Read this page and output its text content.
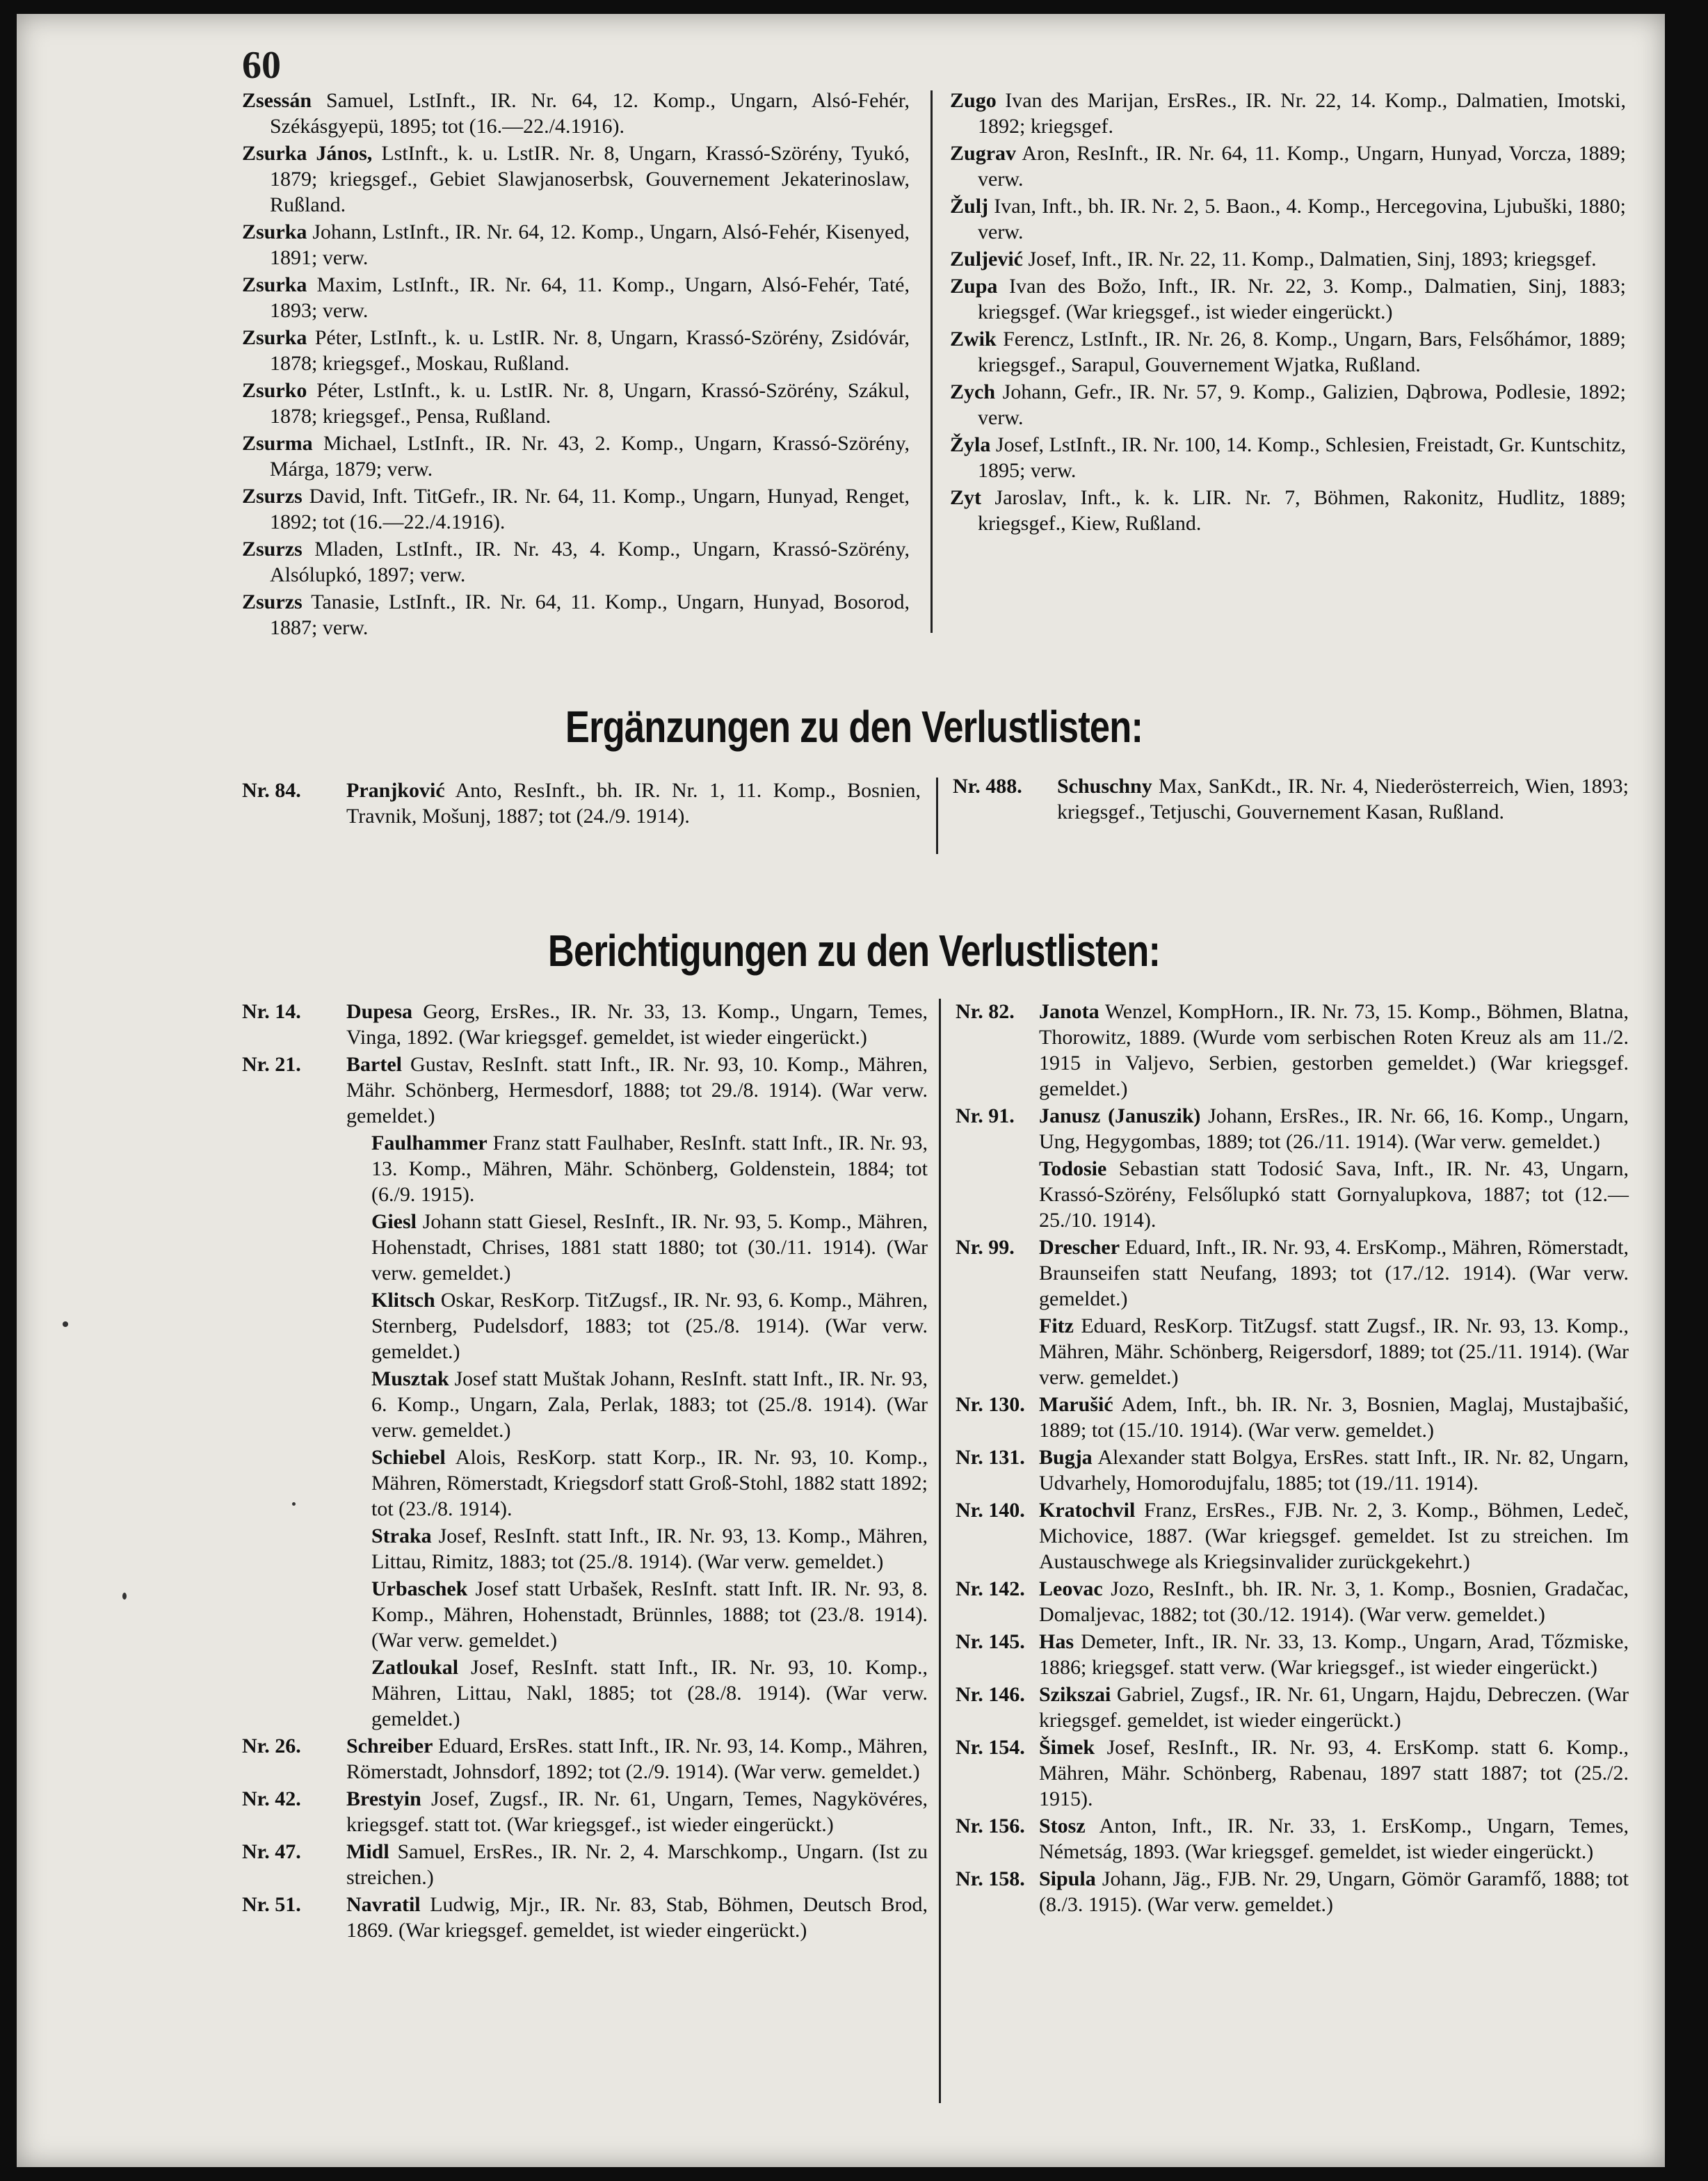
60

Zsessán Samuel, LstInft., IR. Nr. 64, 12. Komp., Ungarn, Alsó-Fehér, Székásgyepü, 1895; tot (16.—22./4.1916).

Zsurka János, LstInft., k. u. LstIR. Nr. 8, Ungarn, Krassó-Szörény, Tyukó, 1879; kriegsgef., Gebiet Slawjanoserbsk, Gouvernement Jekaterinoslaw, Rußland.

Zsurka Johann, LstInft., IR. Nr. 64, 12. Komp., Ungarn, Alsó-Fehér, Kisenyed, 1891; verw.

Zsurka Maxim, LstInft., IR. Nr. 64, 11. Komp., Ungarn, Alsó-Fehér, Taté, 1893; verw.

Zsurka Péter, LstInft., k. u. LstIR. Nr. 8, Ungarn, Krassó-Szörény, Zsidóvár, 1878; kriegsgef., Moskau, Rußland.

Zsurko Péter, LstInft., k. u. LstIR. Nr. 8, Ungarn, Krassó-Szörény, Szákul, 1878; kriegsgef., Pensa, Rußland.

Zsurma Michael, LstInft., IR. Nr. 43, 2. Komp., Ungarn, Krassó-Szörény, Márga, 1879; verw.

Zsurzs David, Inft. TitGefr., IR. Nr. 64, 11. Komp., Ungarn, Hunyad, Renget, 1892; tot (16.—22./4.1916).

Zsurzs Mladen, LstInft., IR. Nr. 43, 4. Komp., Ungarn, Krassó-Szörény, Alsólupkó, 1897; verw.

Zsurzs Tanasie, LstInft., IR. Nr. 64, 11. Komp., Ungarn, Hunyad, Bosorod, 1887; verw.

Zugo Ivan des Marijan, ErsRes., IR. Nr. 22, 14. Komp., Dalmatien, Imotski, 1892; kriegsgef.

Zugrav Aron, ResInft., IR. Nr. 64, 11. Komp., Ungarn, Hunyad, Vorcza, 1889; verw.

Žulj Ivan, Inft., bh. IR. Nr. 2, 5. Baon., 4. Komp., Hercegovina, Ljubuški, 1880; verw.

Zuljević Josef, Inft., IR. Nr. 22, 11. Komp., Dalmatien, Sinj, 1893; kriegsgef.

Zupa Ivan des Božo, Inft., IR. Nr. 22, 3. Komp., Dalmatien, Sinj, 1883; kriegsgef. (War kriegsgef., ist wieder eingerückt.)

Zwik Ferencz, LstInft., IR. Nr. 26, 8. Komp., Ungarn, Bars, Felsőhámor, 1889; kriegsgef., Sarapul, Gouvernement Wjatka, Rußland.

Zych Johann, Gefr., IR. Nr. 57, 9. Komp., Galizien, Dąbrowa, Podlesie, 1892; verw.

Žyla Josef, LstInft., IR. Nr. 100, 14. Komp., Schlesien, Freistadt, Gr. Kuntschitz, 1895; verw.

Zyt Jaroslav, Inft., k. k. LIR. Nr. 7, Böhmen, Rakonitz, Hudlitz, 1889; kriegsgef., Kiew, Rußland.

Ergänzungen zu den Verlustlisten:
Nr. 84.	Pranjković Anto, ResInft., bh. IR. Nr. 1, 11. Komp., Bosnien, Travnik, Mošunj, 1887; tot (24./9. 1914).
Nr. 488.	Schuschny Max, SanKdt., IR. Nr. 4, Niederösterreich, Wien, 1893; kriegsgef., Tetjuschi, Gouvernement Kasan, Rußland.
Berichtigungen zu den Verlustlisten:
Nr. 14.	Dupesa Georg, ErsRes., IR. Nr. 33, 13. Komp., Ungarn, Temes, Vinga, 1892. (War kriegsgef. gemeldet, ist wieder eingerückt.)
Nr. 21.	Bartel Gustav, ResInft. statt Inft., IR. Nr. 93, 10. Komp., Mähren, Mähr. Schönberg, Hermesdorf, 1888; tot 29./8. 1914). (War verw. gemeldet.)
Faulhammer Franz statt Faulhaber, ResInft. statt Inft., IR. Nr. 93, 13. Komp., Mähren, Mähr. Schönberg, Goldenstein, 1884; tot (6./9. 1915).
Giesl Johann statt Giesel, ResInft., IR. Nr. 93, 5. Komp., Mähren, Hohenstadt, Chrises, 1881 statt 1880; tot (30./11. 1914). (War verw. gemeldet.)
Klitsch Oskar, ResKorp. TitZugsf., IR. Nr. 93, 6. Komp., Mähren, Sternberg, Pudelsdorf, 1883; tot (25./8. 1914). (War verw. gemeldet.)
Musztak Josef statt Muštak Johann, ResInft. statt Inft., IR. Nr. 93, 6. Komp., Ungarn, Zala, Perlak, 1883; tot (25./8. 1914). (War verw. gemeldet.)
Schiebel Alois, ResKorp. statt Korp., IR. Nr. 93, 10. Komp., Mähren, Römerstadt, Kriegsdorf statt Groß-Stohl, 1882 statt 1892; tot (23./8. 1914).
Straka Josef, ResInft. statt Inft., IR. Nr. 93, 13. Komp., Mähren, Littau, Rimitz, 1883; tot (25./8. 1914). (War verw. gemeldet.)
Urbaschek Josef statt Urbašek, ResInft. statt Inft. IR. Nr. 93, 8. Komp., Mähren, Hohenstadt, Brünnles, 1888; tot (23./8. 1914). (War verw. gemeldet.)
Zatloukal Josef, ResInft. statt Inft., IR. Nr. 93, 10. Komp., Mähren, Littau, Nakl, 1885; tot (28./8. 1914). (War verw. gemeldet.)
Nr. 26.	Schreiber Eduard, ErsRes. statt Inft., IR. Nr. 93, 14. Komp., Mähren, Römerstadt, Johnsdorf, 1892; tot (2./9. 1914). (War verw. gemeldet.)
Nr. 42.	Brestyin Josef, Zugsf., IR. Nr. 61, Ungarn, Temes, Nagykövéres, kriegsgef. statt tot. (War kriegsgef., ist wieder eingerückt.)
Nr. 47.	Midl Samuel, ErsRes., IR. Nr. 2, 4. Marschkomp., Ungarn. (Ist zu streichen.)
Nr. 51.	Navratil Ludwig, Mjr., IR. Nr. 83, Stab, Böhmen, Deutsch Brod, 1869. (War kriegsgef. gemeldet, ist wieder eingerückt.)
Nr. 82.	Janota Wenzel, KompHorn., IR. Nr. 73, 15. Komp., Böhmen, Blatna, Thorowitz, 1889. (Wurde vom serbischen Roten Kreuz als am 11./2. 1915 in Valjevo, Serbien, gestorben gemeldet.) (War kriegsgef. gemeldet.)
Nr. 91.	Janusz (Januszik) Johann, ErsRes., IR. Nr. 66, 16. Komp., Ungarn, Ung, Hegygombas, 1889; tot (26./11. 1914). (War verw. gemeldet.)
Todosie Sebastian statt Todosić Sava, Inft., IR. Nr. 43, Ungarn, Krassó-Szörény, Felsőlupkó statt Gornyalupkova, 1887; tot (12.—25./10. 1914).
Nr. 99.	Drescher Eduard, Inft., IR. Nr. 93, 4. ErsKomp., Mähren, Römerstadt, Braunseifen statt Neufang, 1893; tot (17./12. 1914). (War verw. gemeldet.)
Fitz Eduard, ResKorp. TitZugsf. statt Zugsf., IR. Nr. 93, 13. Komp., Mähren, Mähr. Schönberg, Reigersdorf, 1889; tot (25./11. 1914). (War verw. gemeldet.)
Nr. 130. Marušić Adem, Inft., bh. IR. Nr. 3, Bosnien, Maglaj, Mustajbašić, 1889; tot (15./10. 1914). (War verw. gemeldet.)
Nr. 131. Bugja Alexander statt Bolgya, ErsRes. statt Inft., IR. Nr. 82, Ungarn, Udvarhely, Homorodujfalu, 1885; tot (19./11. 1914).
Nr. 140. Kratochvil Franz, ErsRes., FJB. Nr. 2, 3. Komp., Böhmen, Ledeč, Michovice, 1887. (War kriegsgef. gemeldet. Ist zu streichen. Im Austauschwege als Kriegsinvalider zurückgekehrt.)
Nr. 142. Leovac Jozo, ResInft., bh. IR. Nr. 3, 1. Komp., Bosnien, Gradačac, Domaljevac, 1882; tot (30./12. 1914). (War verw. gemeldet.)
Nr. 145. Has Demeter, Inft., IR. Nr. 33, 13. Komp., Ungarn, Arad, Tőzmiske, 1886; kriegsgef. statt verw. (War kriegsgef., ist wieder eingerückt.)
Nr. 146. Szikszai Gabriel, Zugsf., IR. Nr. 61, Ungarn, Hajdu, Debreczen. (War kriegsgef. gemeldet, ist wieder eingerückt.)
Nr. 154. Šimek Josef, ResInft., IR. Nr. 93, 4. ErsKomp. statt 6. Komp., Mähren, Mähr. Schönberg, Rabenau, 1897 statt 1887; tot (25./2. 1915).
Nr. 156. Stosz Anton, Inft., IR. Nr. 33, 1. ErsKomp., Ungarn, Temes, Németság, 1893. (War kriegsgef. gemeldet, ist wieder eingerückt.)
Nr. 158. Sipula Johann, Jäg., FJB. Nr. 29, Ungarn, Gömör Garamfő, 1888; tot (8./3. 1915). (War verw. gemeldet.)
